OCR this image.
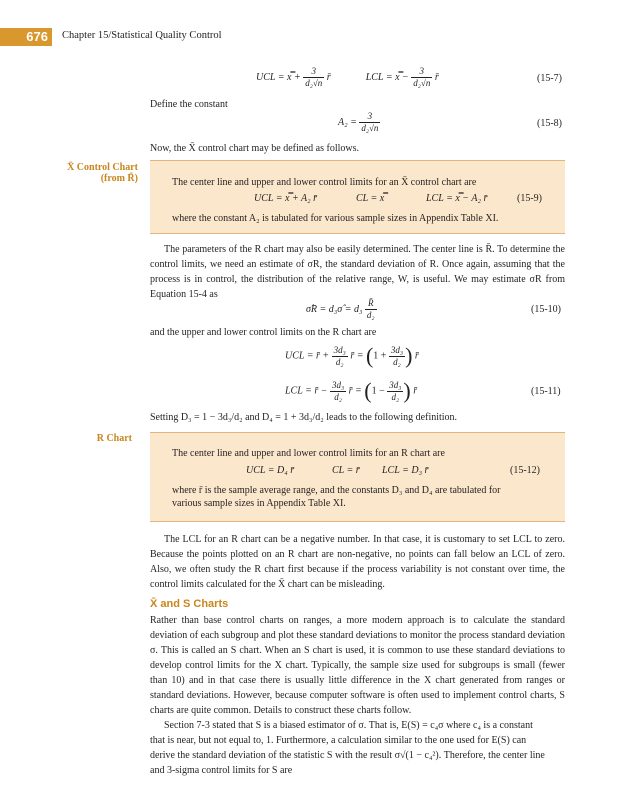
676	Chapter 15/Statistical Quality Control
UCL = x̿ + $\frac{3}{\text{d₂√n}}$ r̄	LCL = x̿ − $\frac{3}{\text{d₂√n}}$ r̄	(15-7)
Define the constant
$A_2 = \frac{3}{\text{d₂√n}}$	(15-8)
Now, the X̄ control chart may be defined as follows.
X̄ Control Chart
(from R̄)	The center line and upper and lower control limits for an X̄ control chart are
UCL = x̿ + A₂ r̄	CL = x̿	LCL = x̿ − A₂ r̄	(15-9)
where the constant A₂ is tabulated for various sample sizes in Appendix Table XI.
The parameters of the R chart may also be easily determined. The center line is R̄. To determine the control limits, we need an estimate of σR, the standard deviation of R. Once again, assuming that the process is in control, the distribution of the relative range, W, is useful. We may estimate σR from Equation 15-4 as
σ̂R = d₃σ̂ = $d_3 \frac{R̄}{\text{d₂}}$	(15-10)
and the upper and lower control limits on the R chart are
UCL = r̄ + $\frac{\text{3d₃}}{\text{d₂}}$ r̄ = ($1 + \frac{\text{3d₃}}{\text{d₂}}$ ) r̄
LCL = r̄ − $\frac{\text{3d₃}}{\text{d₂}}$ r̄ = ($1 - \frac{\text{3d₃}}{\text{d₂}}$ ) r̄	(15-11)
Setting D₃ = 1 − 3d₃/d₂ and D₄ = 1 + 3d₃/d₂ leads to the following definition.
R Chart
The center line and upper and lower control limits for an R chart are
UCL = D₄ r̄	CL = r̄ LCL = D₃ r̄	(15-12)
where r̄ is the sample average range, and the constants D₃ and D₄ are tabulated for
various sample sizes in Appendix Table XI.
The LCL for an R chart can be a negative number. In that case, it is customary to set LCL to zero. Because the points plotted on an R chart are non-negative, no points can fall below an LCL of zero. Also, we often study the R chart first because if the process variability is not constant over time, the control limits calculated for the X̄ chart can be misleading.
X̄ and S Charts
Rather than base control charts on ranges, a more modern approach is to calculate the standard deviation of each subgroup and plot these standard deviations to monitor the process standard deviation σ. This is called an S chart. When an S chart is used, it is common to use these standard deviations to develop control limits for the X chart. Typically, the sample size used for subgroups is small (fewer than 10) and in that case there is usually little difference in the X chart generated from ranges or standard deviations. However, because computer software is often used to implement control charts, S charts are quite common. Details to construct these charts follow.
Section 7-3 stated that S is a biased estimator of σ. That is, E(S) = c₄σ where c₄ is a constant
that is near, but not equal to, 1. Furthermore, a calculation similar to the one used for E(S) can
derive the standard deviation of the statistic S with the result σ√(1 − c₄²). Therefore, the center line
and 3-sigma control limits for S are
